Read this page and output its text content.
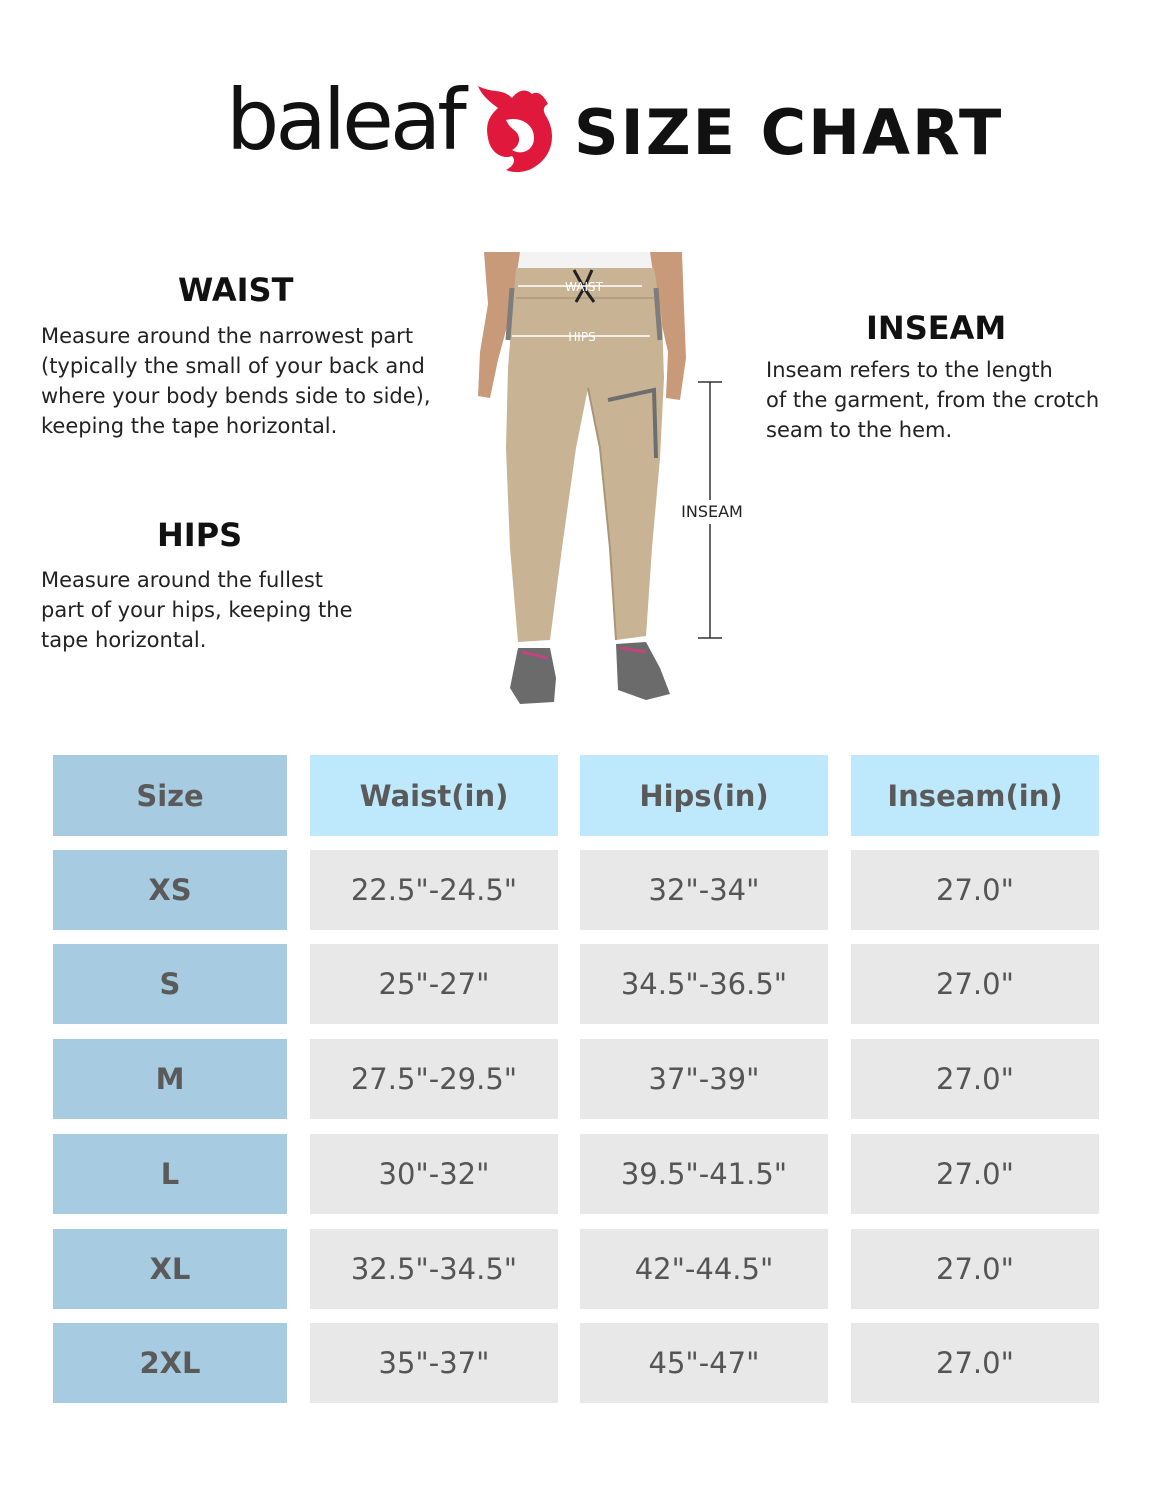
baleaf SIZE CHART
WAIST

Measure around the narrowest part
(typically the small of your back and
where your body bends side to side),
keeping the tape horizontal.

HIPS

Measure around the fullest
part of your hips, keeping the
tape horizontal.

INSEAM

Inseam refers to the length
of the garment, from the crotch
seam to the hem.

WAIST
HIPS
INSEAM
Size	Waist(in)	Hips(in)	Inseam(in)
XS	22.5"-24.5"	32"-34"	27.0"
S	25"-27"	34.5"-36.5"	27.0"
M	27.5"-29.5"	37"-39"	27.0"
L	30"-32"	39.5"-41.5"	27.0"
XL	32.5"-34.5"	42"-44.5"	27.0"
2XL	35"-37"	45"-47"	27.0"
